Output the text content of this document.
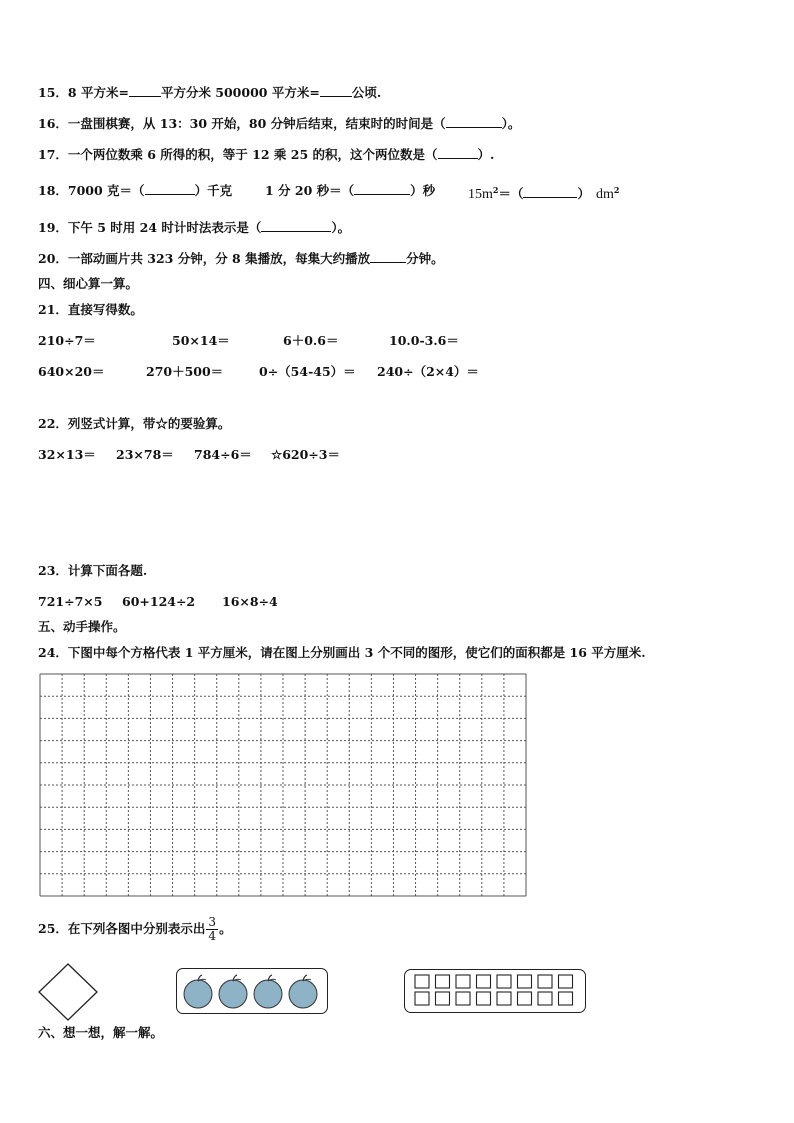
15．8 平方米=	平方分米 500000 平方米=	公顷.
16．一盘围棋赛，从 13：30 开始，80 分钟后结束，结束时的时间是（	）。
17．一个两位数乘 6 所得的积，等于 12 乘 25 的积，这个两位数是（	）.
18．7000 克＝（	）千克	1 分 20 秒＝（	）秒 $15m^2=$（	） $dm^2$
19．下午 5 时用 24 时计时法表示是（	）。
20．一部动画片共 323 分钟，分 8 集播放，每集大约播放	分钟。
四、细心算一算。
21．直接写得数。
210÷7＝	50×14＝	6＋0.6＝	10.0-3.6＝
640×20＝	270＋500＝	0÷（54-45）＝ 240÷（2×4）＝
22．列竖式计算，带☆的要验算。
32×13＝ 23×78＝ 784÷6＝ ☆620÷3＝
23．计算下面各题.
721÷7×5 60+124÷2 16×8÷4
五、动手操作。
24．下图中每个方格代表 1 平方厘米，请在图上分别画出 3 个不同的图形，使它们的面积都是 16 平方厘米.
25．在下列各图中分别表示出 $\frac{3}{4}$ 。
六、想一想，解一解。
